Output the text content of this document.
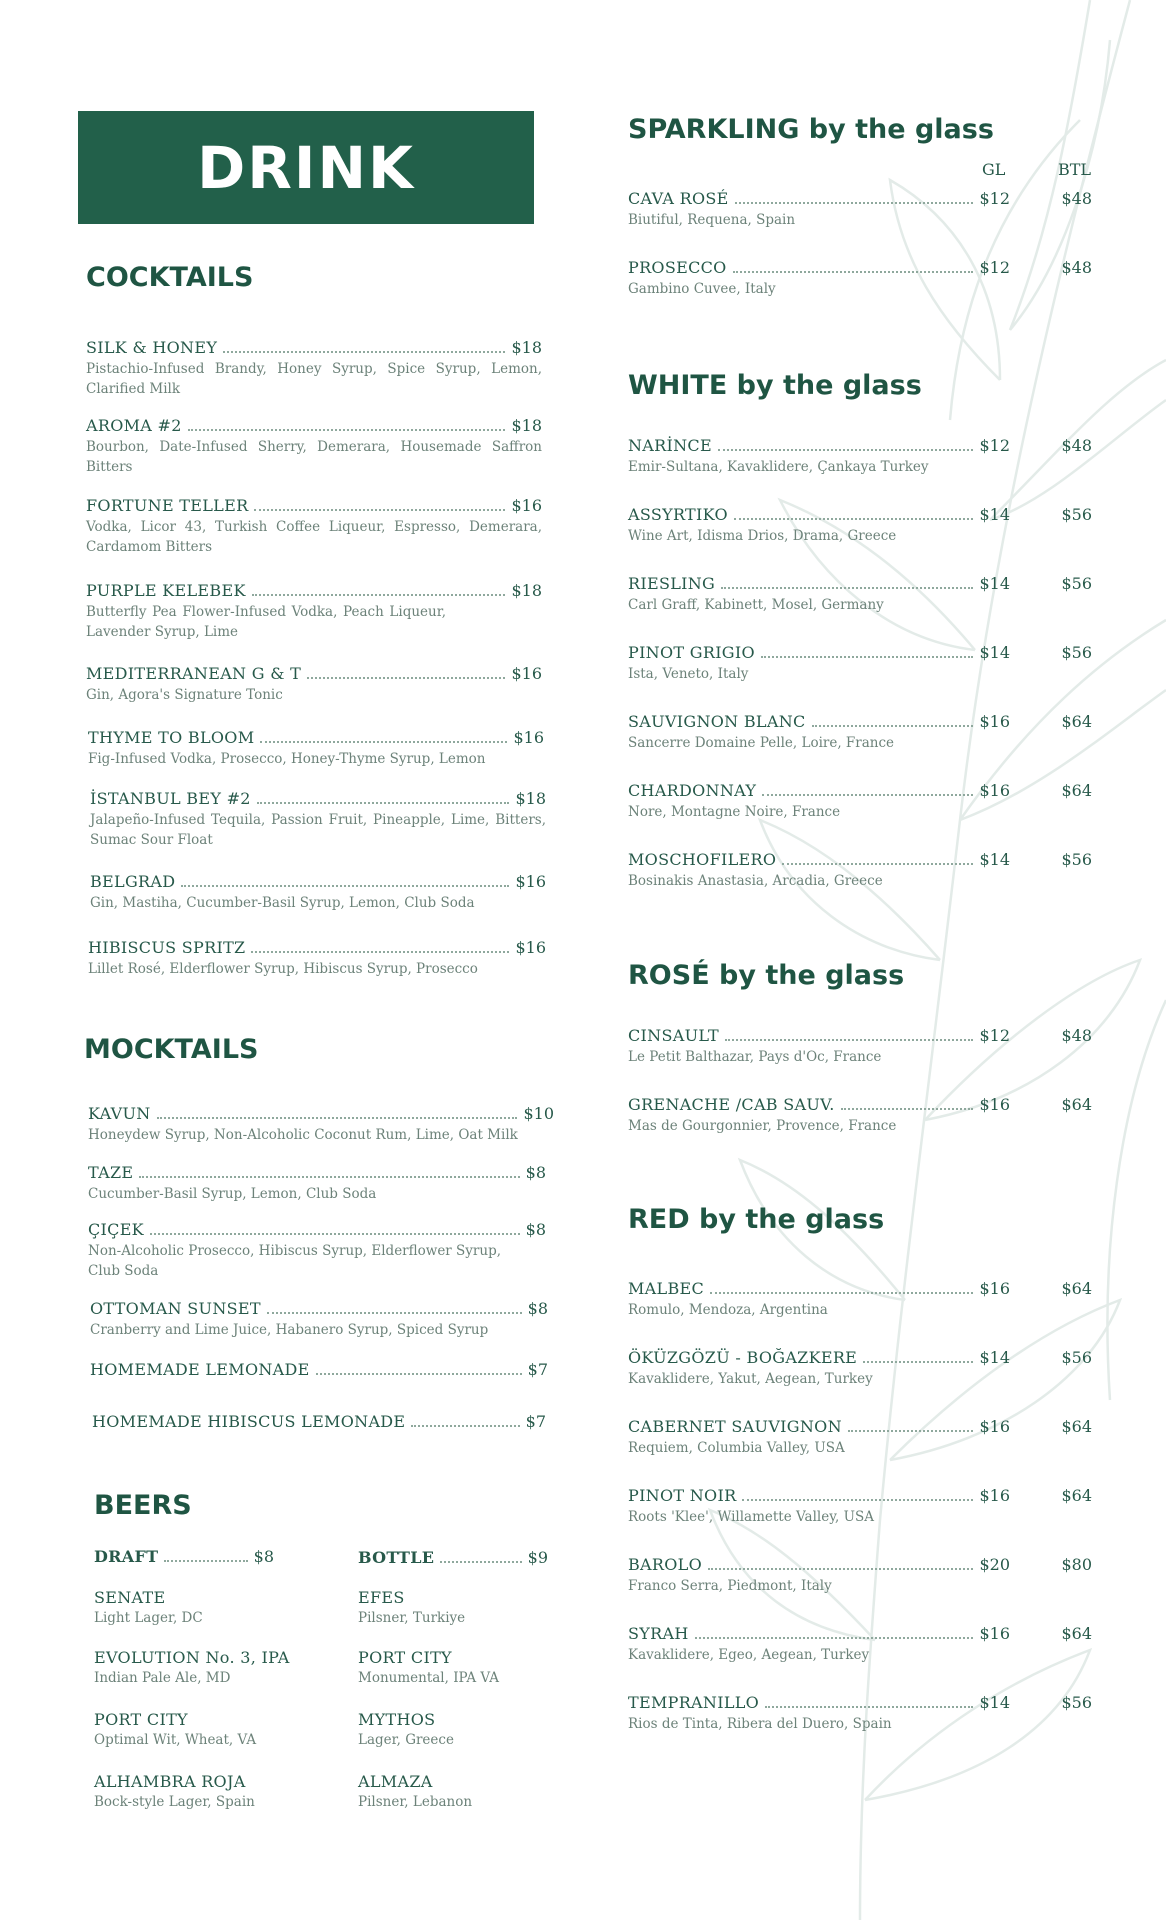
DRINK
COCKTAILS
SILK & HONEY	$18
Pistachio-Infused Brandy, Honey Syrup, Spice Syrup, Lemon, Clarified Milk
AROMA #2	$18
Bourbon, Date-Infused Sherry, Demerara, Housemade Saffron Bitters
FORTUNE TELLER	$16
Vodka, Licor 43, Turkish Coffee Liqueur, Espresso, Demerara, Cardamom Bitters
PURPLE KELEBEK	$18
Butterfly Pea Flower-Infused Vodka, Peach Liqueur, Lavender Syrup, Lime
MEDITERRANEAN G & T	$16
Gin, Agora's Signature Tonic
THYME TO BLOOM	$16
Fig-Infused Vodka, Prosecco, Honey-Thyme Syrup, Lemon
İSTANBUL BEY #2	$18
Jalapeño-Infused Tequila, Passion Fruit, Pineapple, Lime, Bitters, Sumac Sour Float
BELGRAD	$16
Gin, Mastiha, Cucumber-Basil Syrup, Lemon, Club Soda
HIBISCUS SPRITZ	$16
Lillet Rosé, Elderflower Syrup, Hibiscus Syrup, Prosecco
MOCKTAILS
KAVUN	$10
Honeydew Syrup, Non-Alcoholic Coconut Rum, Lime, Oat Milk
TAZE	$8
Cucumber-Basil Syrup, Lemon, Club Soda
ÇIÇEK	$8
Non-Alcoholic Prosecco, Hibiscus Syrup, Elderflower Syrup, Club Soda
OTTOMAN SUNSET	$8
Cranberry and Lime Juice, Habanero Syrup, Spiced Syrup
HOMEMADE LEMONADE	$7
HOMEMADE HIBISCUS LEMONADE	$7
BEERS
DRAFT	$8	BOTTLE	$9
SENATE
Light Lager, DC
EVOLUTION No. 3, IPA
Indian Pale Ale, MD
PORT CITY
Optimal Wit, Wheat, VA
ALHAMBRA ROJA
Bock-style Lager, Spain
EFES
Pilsner, Turkiye
PORT CITY
Monumental, IPA VA
MYTHOS
Lager, Greece
ALMAZA
Pilsner, Lebanon
SPARKLING by the glass
GL	BTL
CAVA ROSÉ	$12	$48
Biutiful, Requena, Spain
PROSECCO	$12	$48
Gambino Cuvee, Italy
WHITE by the glass
NARİNCE	$12	$48
Emir-Sultana, Kavaklidere, Çankaya Turkey
ASSYRTIKO	$14	$56
Wine Art, Idisma Drios, Drama, Greece
RIESLING	$14	$56
Carl Graff, Kabinett, Mosel, Germany
PINOT GRIGIO	$14	$56
Ista, Veneto, Italy
SAUVIGNON BLANC	$16	$64
Sancerre Domaine Pelle, Loire, France
CHARDONNAY	$16	$64
Nore, Montagne Noire, France
MOSCHOFILERO	$14	$56
Bosinakis Anastasia, Arcadia, Greece
ROSÉ by the glass
CINSAULT	$12	$48
Le Petit Balthazar, Pays d'Oc, France
GRENACHE /CAB SAUV.	$16	$64
Mas de Gourgonnier, Provence, France
RED by the glass
MALBEC	$16	$64
Romulo, Mendoza, Argentina
ÖKÜZGÖZÜ - BOĞAZKERE	$14	$56
Kavaklidere, Yakut, Aegean, Turkey
CABERNET SAUVIGNON	$16	$64
Requiem, Columbia Valley, USA
PINOT NOIR	$16	$64
Roots 'Klee', Willamette Valley, USA
BAROLO	$20	$80
Franco Serra, Piedmont, Italy
SYRAH	$16	$64
Kavaklidere, Egeo, Aegean, Turkey
TEMPRANILLO	$14	$56
Rios de Tinta, Ribera del Duero, Spain
